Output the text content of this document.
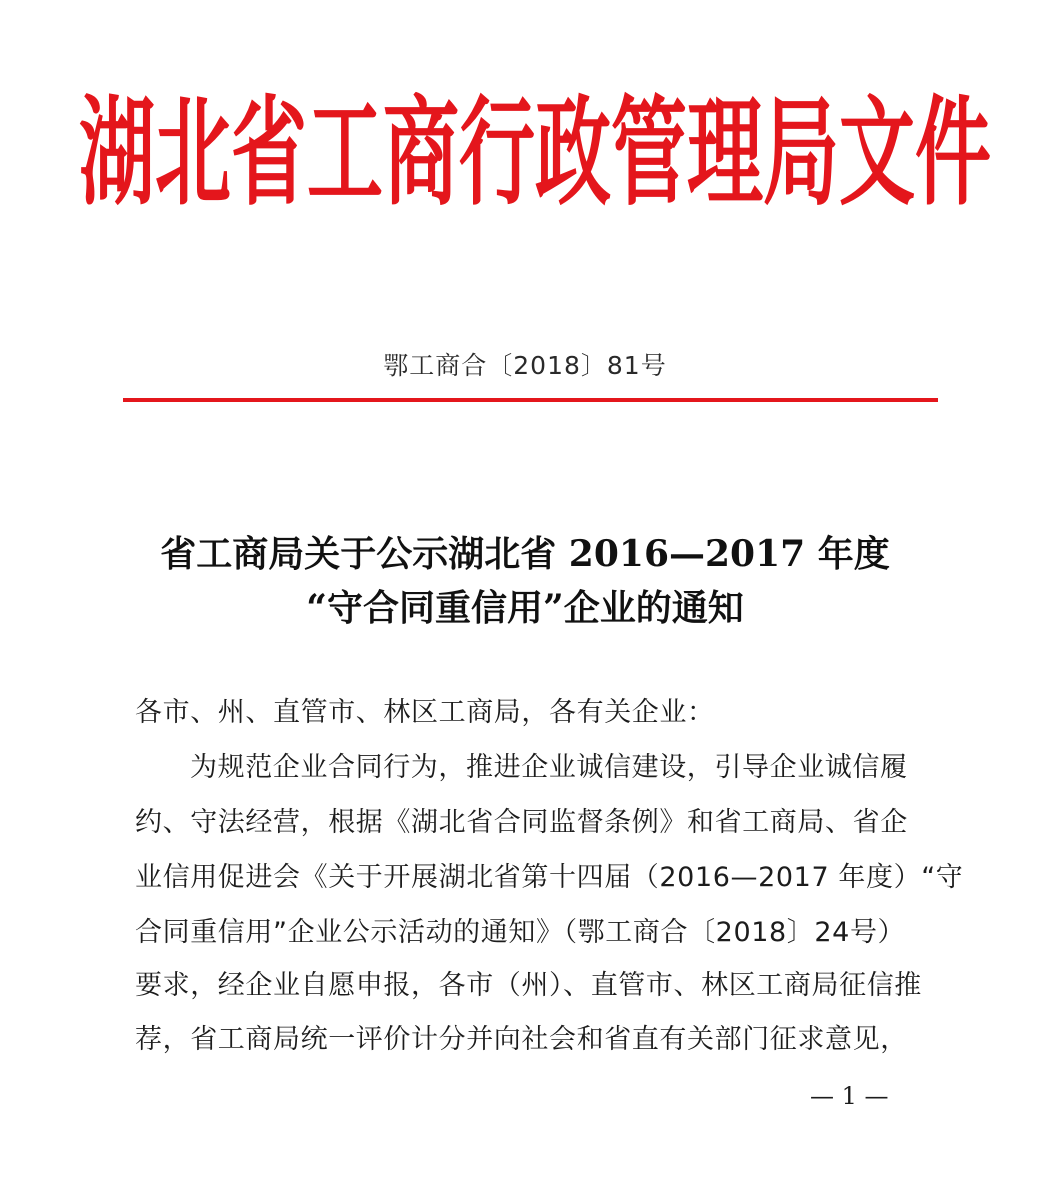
湖北省工商行政管理局文件
鄂工商合〔2018〕81号
省工商局关于公示湖北省 2016—2017 年度
“守合同重信用”企业的通知
各市、州、直管市、林区工商局，各有关企业：
为规范企业合同行为，推进企业诚信建设，引导企业诚信履
约、守法经营，根据《湖北省合同监督条例》和省工商局、省企
业信用促进会《关于开展湖北省第十四届（2016—2017 年度）“守
合同重信用”企业公示活动的通知》（鄂工商合〔2018〕24号）
要求，经企业自愿申报，各市（州）、直管市、林区工商局征信推
荐，省工商局统一评价计分并向社会和省直有关部门征求意见，
— 1 —
